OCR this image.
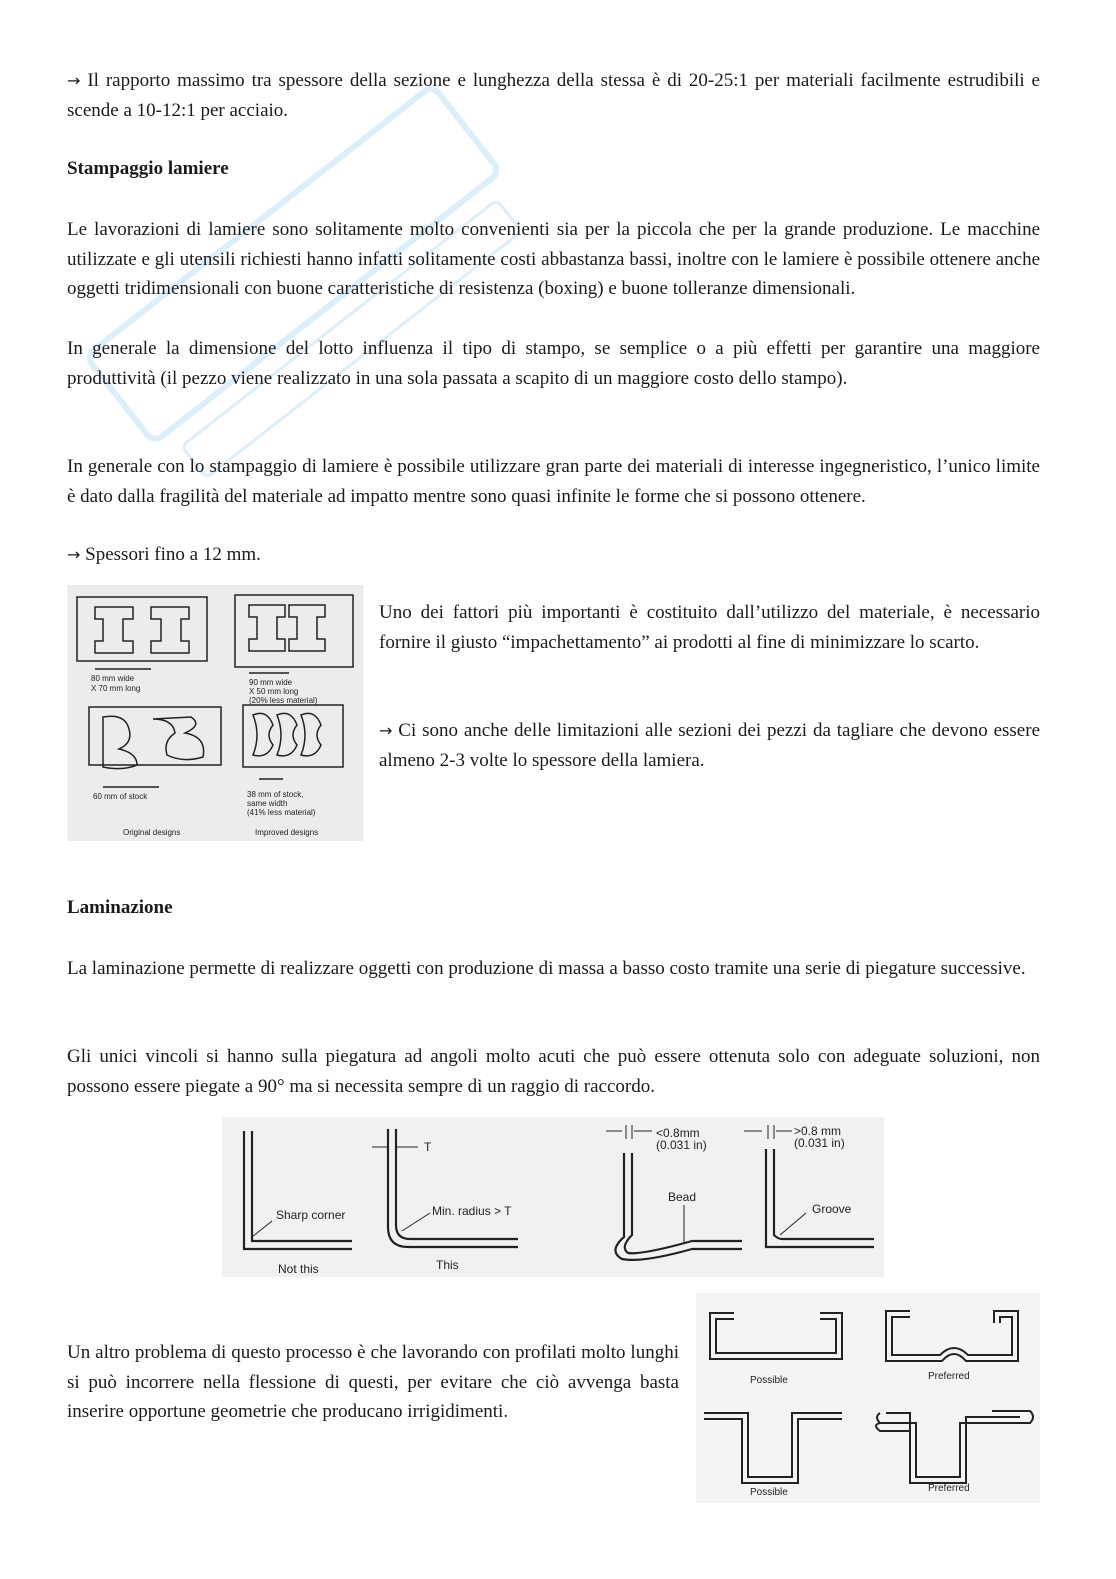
→ Il rapporto massimo tra spessore della sezione e lunghezza della stessa è di 20-25:1 per materiali facilmente estrudibili e scende a 10-12:1 per acciaio.

Stampaggio lamiere

Le lavorazioni di lamiere sono solitamente molto convenienti sia per la piccola che per la grande produzione. Le macchine utilizzate e gli utensili richiesti hanno infatti solitamente costi abbastanza bassi, inoltre con le lamiere è possibile ottenere anche oggetti tridimensionali con buone caratteristiche di resistenza (boxing) e buone tolleranze dimensionali.

In generale la dimensione del lotto influenza il tipo di stampo, se semplice o a più effetti per garantire una maggiore produttività (il pezzo viene realizzato in una sola passata a scapito di un maggiore costo dello stampo).

In generale con lo stampaggio di lamiere è possibile utilizzare gran parte dei materiali di interesse ingegneristico, l’unico limite è dato dalla fragilità del materiale ad impatto mentre sono quasi infinite le forme che si possono ottenere.

→ Spessori fino a 12 mm.

80 mm wide
X 70 mm long
90 mm wide
X 50 mm long
(20% less material)
60 mm of stock	38 mm of stock,
same width
(41% less material)
Original designs	Improved designs

Uno dei fattori più importanti è costituito dall’utilizzo del materiale, è necessario fornire il giusto “impachettamento” ai prodotti al fine di minimizzare lo scarto.

→ Ci sono anche delle limitazioni alle sezioni dei pezzi da tagliare che devono essere almeno 2-3 volte lo spessore della lamiera.

Laminazione

La laminazione permette di realizzare oggetti con produzione di massa a basso costo tramite una serie di piegature successive.

Gli unici vincoli si hanno sulla piegatura ad angoli molto acuti che può essere ottenuta solo con adeguate soluzioni, non possono essere piegate a 90° ma si necessita sempre di un raggio di raccordo.

Sharp corner
Not this
T
Min. radius > T
This
<0.8mm
(0.031 in)
Bead
>0.8 mm
(0.031 in)
Groove
Possible	Preferred
Possible	Preferred

Un altro problema di questo processo è che lavorando con profilati molto lunghi si può incorrere nella flessione di questi, per evitare che ciò avvenga basta inserire opportune geometrie che producano irrigidimenti.
